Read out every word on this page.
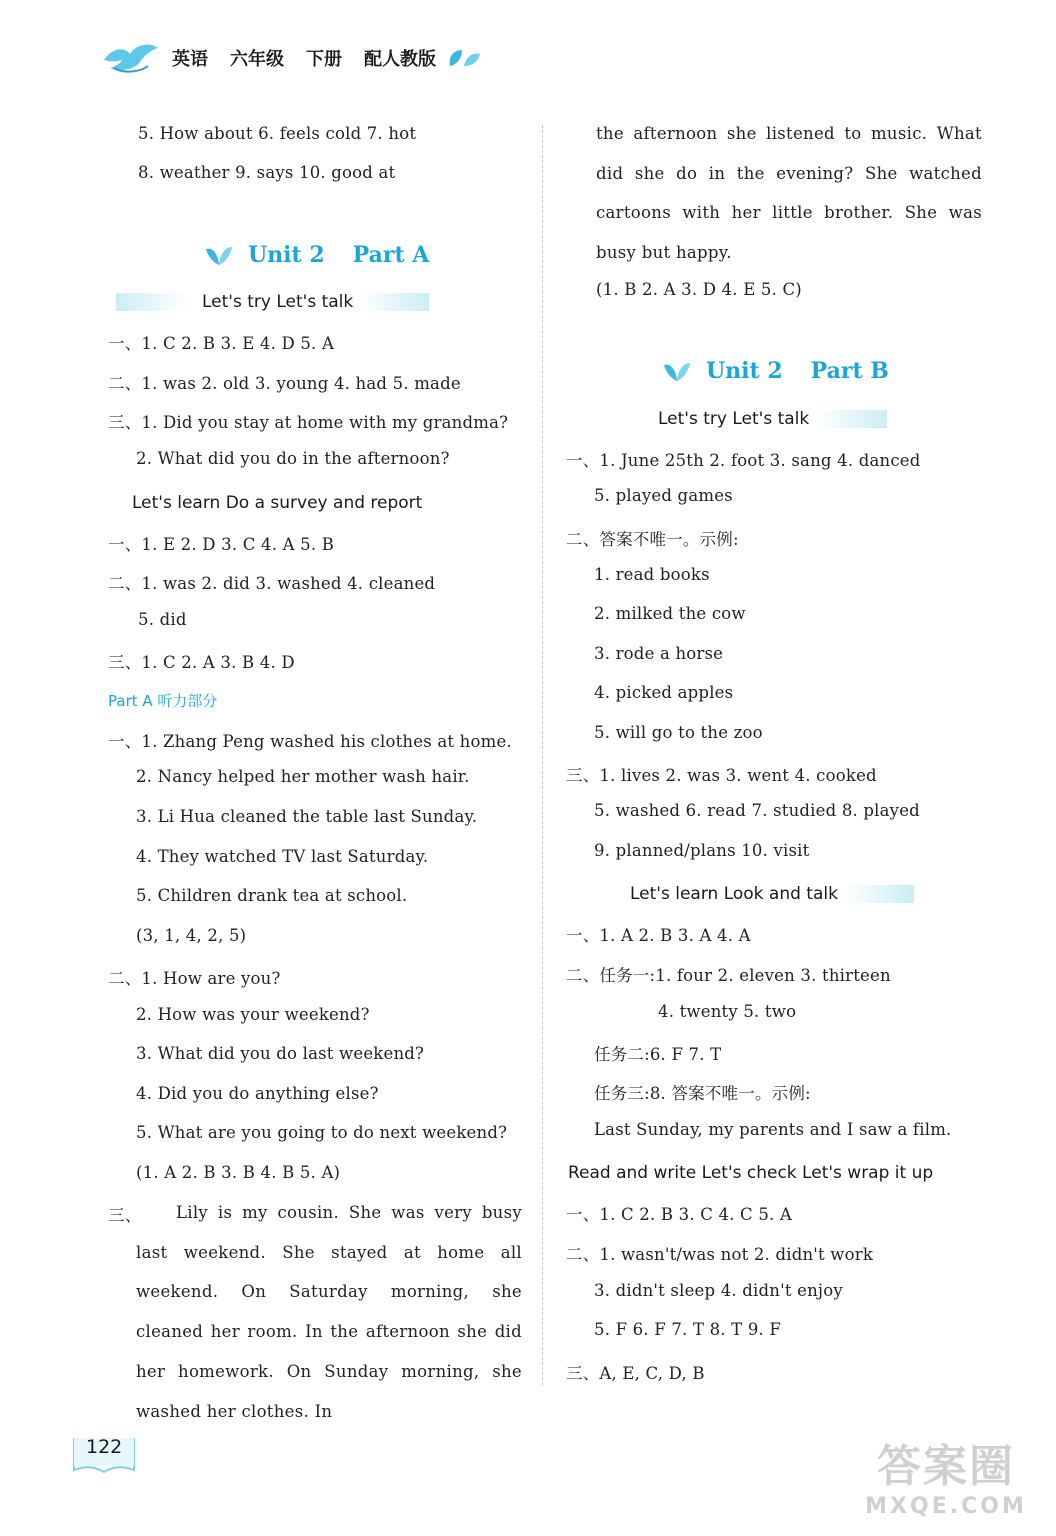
英语 六年级 下册 配人教版
5. How about 6. feels cold 7. hot
8. weather 9. says 10. good at
Unit 2 Part A
Let's try Let's talk
一、1. C 2. B 3. E 4. D 5. A
二、1. was 2. old 3. young 4. had 5. made
三、1. Did you stay at home with my grandma?
2. What did you do in the afternoon?
Let's learn Do a survey and report
一、1. E 2. D 3. C 4. A 5. B
二、1. was 2. did 3. washed 4. cleaned
5. did
三、1. C 2. A 3. B 4. D
Part A 听力部分
一、1. Zhang Peng washed his clothes at home.
2. Nancy helped her mother wash hair.
3. Li Hua cleaned the table last Sunday.
4. They watched TV last Saturday.
5. Children drank tea at school.
(3, 1, 4, 2, 5)
二、1. How are you?
2. How was your weekend?
3. What did you do last weekend?
4. Did you do anything else?
5. What are you going to do next weekend?
(1. A 2. B 3. B 4. B 5. A)
三、	Lily is my cousin. She was very busy last weekend. She stayed at home all weekend. On Saturday morning, she cleaned her room. In the afternoon she did her homework. On Sunday morning, she washed her clothes. In
the afternoon she listened to music. What did she do in the evening? She watched cartoons with her little brother. She was busy but happy.
(1. B 2. A 3. D 4. E 5. C)
Unit 2 Part B
Let's try Let's talk
一、1. June 25th 2. foot 3. sang 4. danced
5. played games
二、答案不唯一。示例:
1. read books
2. milked the cow
3. rode a horse
4. picked apples
5. will go to the zoo
三、1. lives 2. was 3. went 4. cooked
5. washed 6. read 7. studied 8. played
9. planned/plans 10. visit
Let's learn Look and talk
一、1. A 2. B 3. A 4. A
二、任务一:1. four 2. eleven 3. thirteen
4. twenty 5. two
任务二:6. F 7. T
任务三:8. 答案不唯一。示例:
Last Sunday, my parents and I saw a film.
Read and write Let's check Let's wrap it up
一、1. C 2. B 3. C 4. C 5. A
二、1. wasn't/was not 2. didn't work
3. didn't sleep 4. didn't enjoy
5. F 6. F 7. T 8. T 9. F
三、A, E, C, D, B
122	答案圈
MXQE.COM
